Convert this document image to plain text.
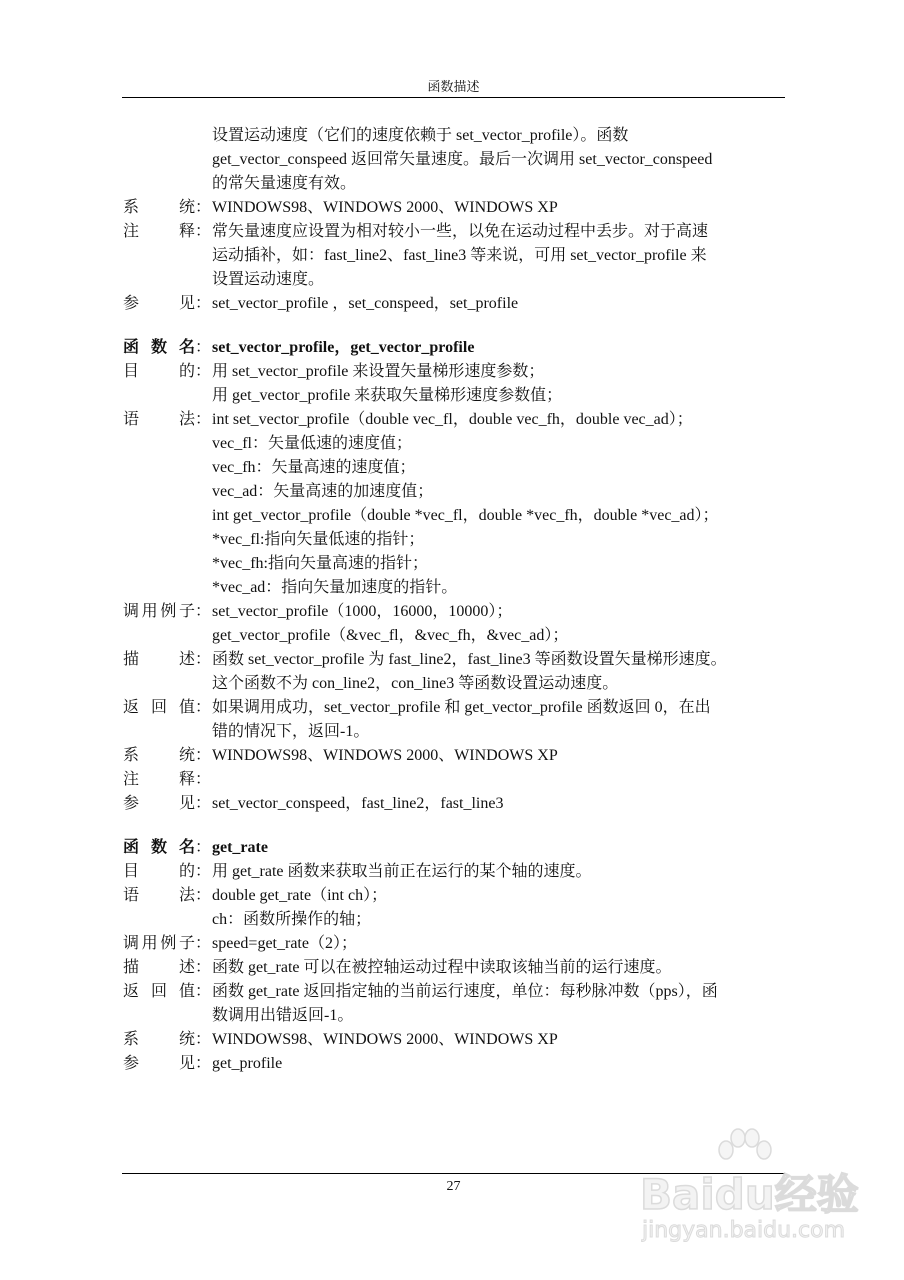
函数描述
设置运动速度（它们的速度依赖于 set_vector_profile）。函数
get_vector_conspeed 返回常矢量速度。最后一次调用 set_vector_conspeed
的常矢量速度有效。
系统 ： WINDOWS98、WINDOWS 2000、WINDOWS XP
注释 ： 常矢量速度应设置为相对较小一些，以免在运动过程中丢步。对于高速
运动插补，如：fast_line2、fast_line3 等来说，可用 set_vector_profile 来
设置运动速度。
参见 ： set_vector_profile ，set_conspeed，set_profile
函数名 ： set_vector_profile，get_vector_profile
目的 ： 用 set_vector_profile 来设置矢量梯形速度参数；
用 get_vector_profile 来获取矢量梯形速度参数值；
语法 ： int set_vector_profile（double vec_fl，double vec_fh，double vec_ad）；
vec_fl：矢量低速的速度值；
vec_fh：矢量高速的速度值；
vec_ad：矢量高速的加速度值；
int get_vector_profile（double *vec_fl，double *vec_fh，double *vec_ad）；
*vec_fl:指向矢量低速的指针；
*vec_fh:指向矢量高速的指针；
*vec_ad：指向矢量加速度的指针。
调用例子 ： set_vector_profile（1000，16000，10000）；
get_vector_profile（&vec_fl，&vec_fh，&vec_ad）；
描述 ： 函数 set_vector_profile 为 fast_line2，fast_line3 等函数设置矢量梯形速度。
这个函数不为 con_line2，con_line3 等函数设置运动速度。
返回值 ： 如果调用成功，set_vector_profile 和 get_vector_profile 函数返回 0，在出
错的情况下，返回-1。
系统 ： WINDOWS98、WINDOWS 2000、WINDOWS XP
注释 ：
参见 ： set_vector_conspeed，fast_line2，fast_line3
函数名 ： get_rate
目的 ： 用 get_rate 函数来获取当前正在运行的某个轴的速度。
语法 ： double get_rate（int ch）；
ch：函数所操作的轴；
调用例子 ： speed=get_rate（2）；
描述 ： 函数 get_rate 可以在被控轴运动过程中读取该轴当前的运行速度。
返回值 ： 函数 get_rate 返回指定轴的当前运行速度，单位：每秒脉冲数（pps），函
数调用出错返回-1。
系统 ： WINDOWS98、WINDOWS 2000、WINDOWS XP
参见 ： get_profile
27	Baidu经验
jingyan.baidu.com
